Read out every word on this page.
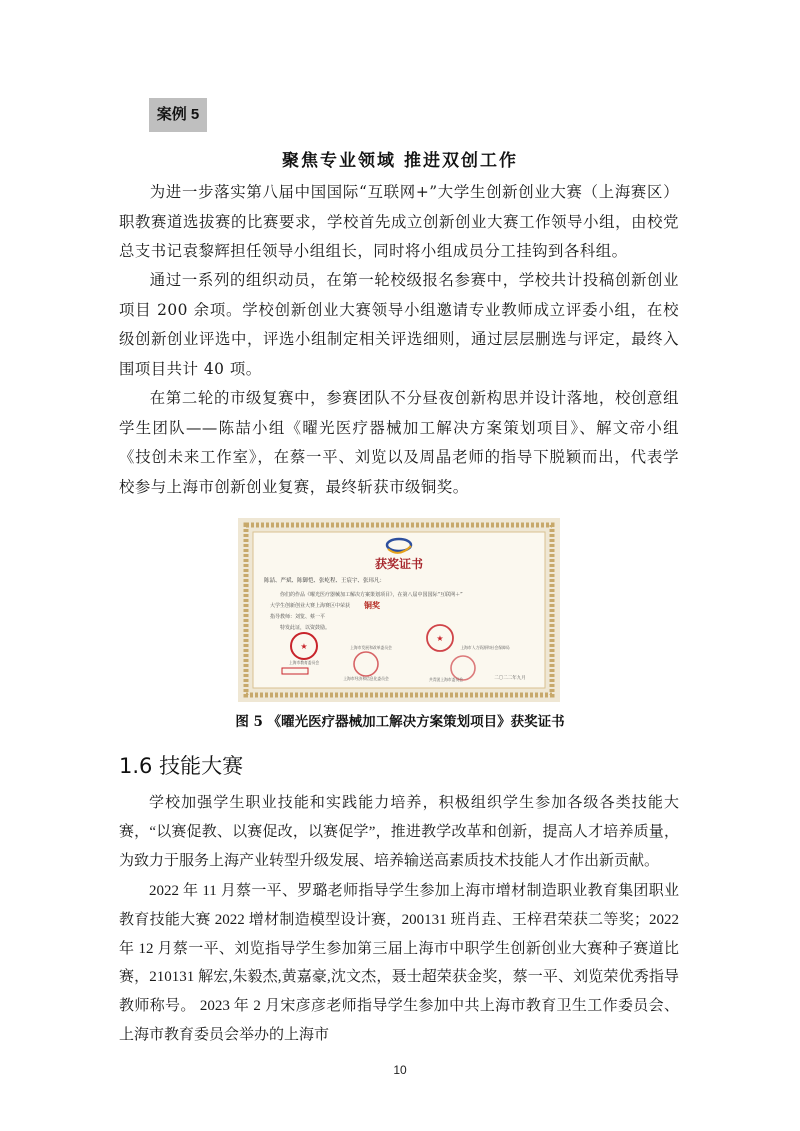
案例 5
聚焦专业领域 推进双创工作

为进一步落实第八届中国国际“互联网+”大学生创新创业大赛（上海赛区）职教赛道选拔赛的比赛要求，学校首先成立创新创业大赛工作领导小组，由校党总支书记袁黎辉担任领导小组组长，同时将小组成员分工挂钩到各科组。

通过一系列的组织动员，在第一轮校级报名参赛中，学校共计投稿创新创业项目 200 余项。学校创新创业大赛领导小组邀请专业教师成立评委小组，在校级创新创业评选中，评选小组制定相关评选细则，通过层层删选与评定，最终入围项目共计 40 项。

在第二轮的市级复赛中，参赛团队不分昼夜创新构思并设计落地，校创意组学生团队——陈喆小组《曜光医疗器械加工解决方案策划项目》、解文帝小组《技创未来工作室》，在蔡一平、刘览以及周晶老师的指导下脱颖而出，代表学校参与上海市创新创业复赛，最终斩获市级铜奖。

获奖证书
陈喆、严斌、陈御恺、张屹程、王宸宇、张玮凡：
你们的作品《曜光医疗器械加工解决方案策划项目》，在第八届中国国际“互联网＋”
大学生创新创业大赛上海赛区中荣获 铜奖
指导教师：刘览、蔡一平
特发此证，以资鼓励。
★
★
上海市教育委员会
上海市发展和改革委员会	上海市人力资源和社会保障局
上海市经济和信息化委员会	共青团上海市委员会	二〇二二年九月
图 5 《曜光医疗器械加工解决方案策划项目》获奖证书
1.6 技能大赛

学校加强学生职业技能和实践能力培养，积极组织学生参加各级各类技能大赛，“以赛促教、以赛促改，以赛促学”，推进教学改革和创新，提高人才培养质量，为致力于服务上海产业转型升级发展、培养输送高素质技术技能人才作出新贡献。

2022 年 11 月蔡一平、罗璐老师指导学生参加上海市增材制造职业教育集团职业教育技能大赛 2022 增材制造模型设计赛，200131 班肖垚、王梓君荣获二等奖；2022 年 12 月蔡一平、刘览指导学生参加第三届上海市中职学生创新创业大赛种子赛道比赛，210131 解宏,朱毅杰,黄嘉豪,沈文杰，聂士超荣获金奖，蔡一平、刘览荣优秀指导教师称号。 2023 年 2 月宋彦彦老师指导学生参加中共上海市教育卫生工作委员会、上海市教育委员会举办的上海市

10
